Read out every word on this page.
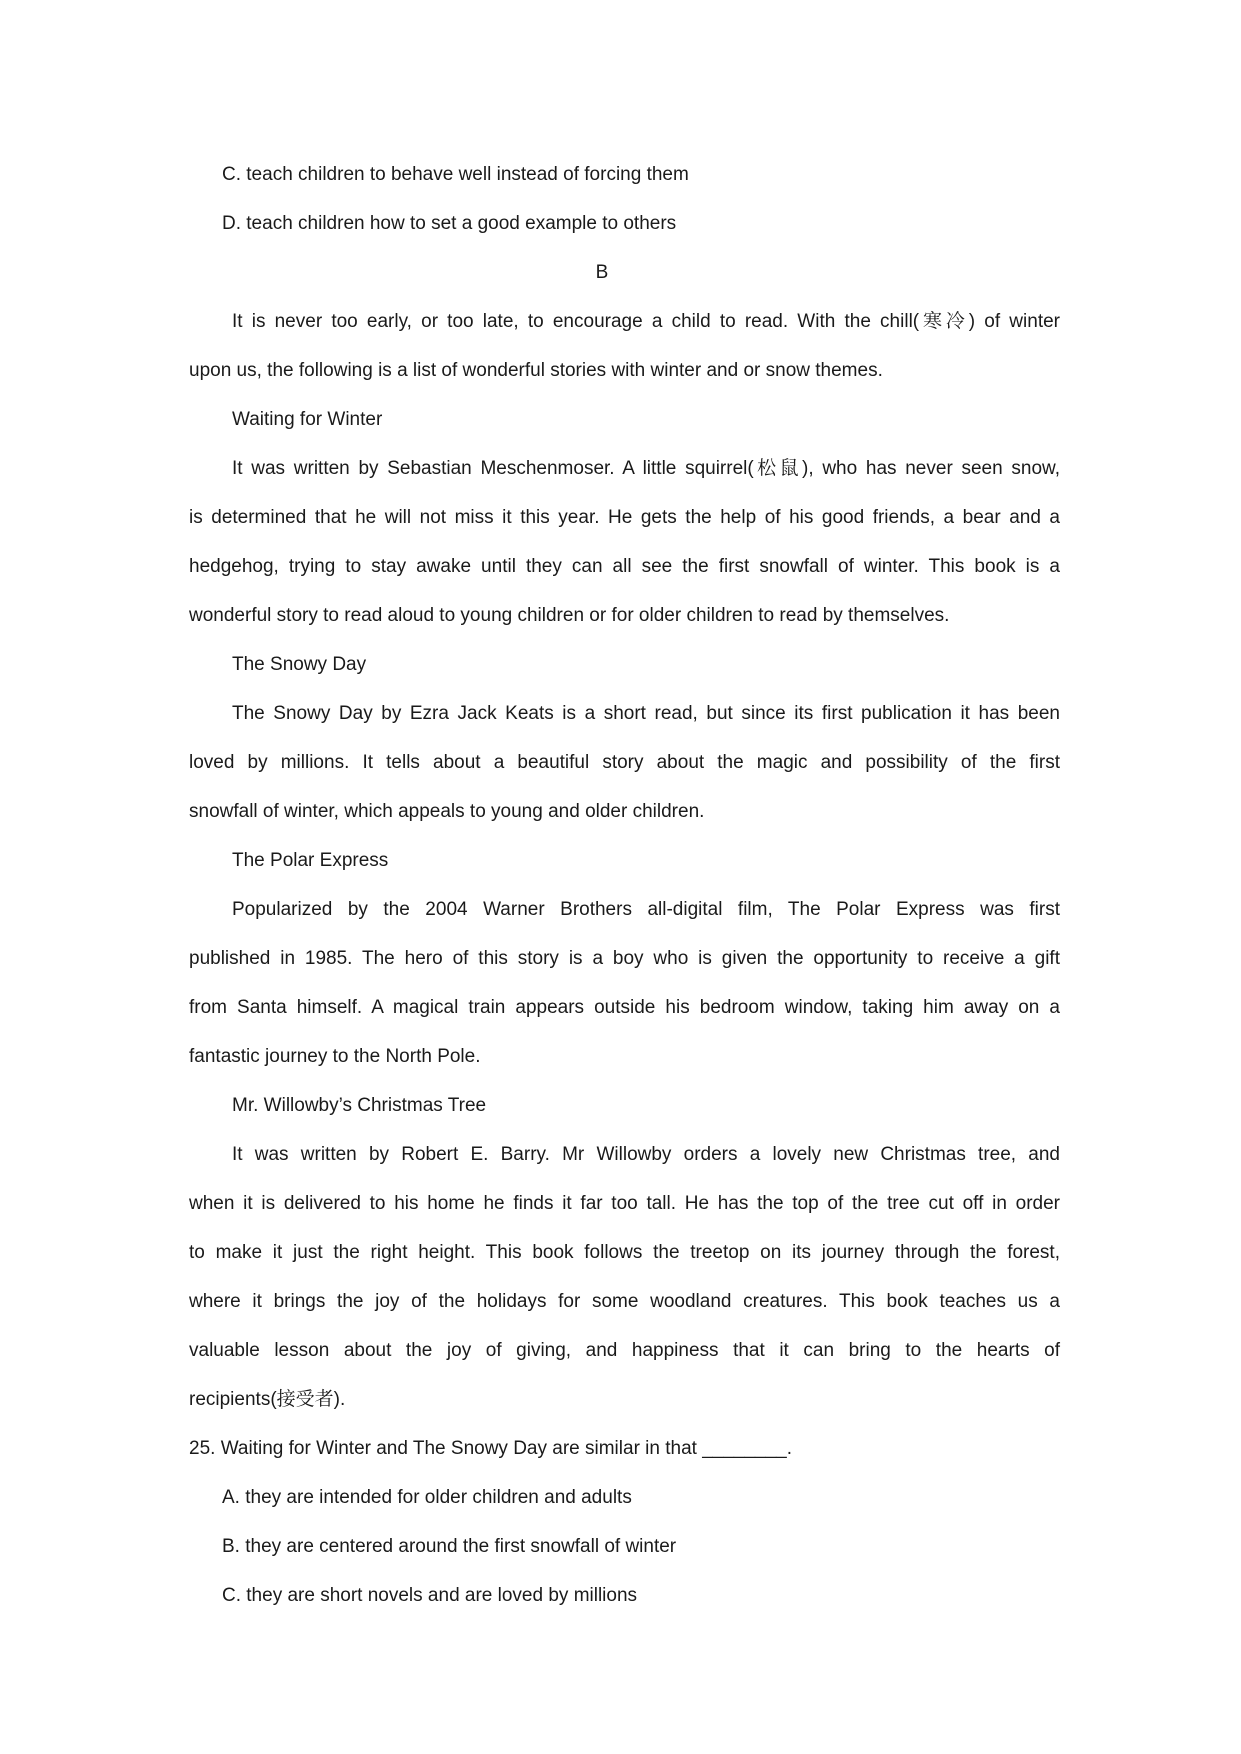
C. teach children to behave well instead of forcing them
D. teach children how to set a good example to others
B
It is never too early, or too late, to encourage a child to read. With the chill(寒冷) of winter
upon us, the following is a list of wonderful stories with winter and or snow themes.
Waiting for Winter
It was written by Sebastian Meschenmoser. A little squirrel(松鼠), who has never seen snow,
is determined that he will not miss it this year. He gets the help of his good friends, a bear and a
hedgehog, trying to stay awake until they can all see the first snowfall of winter. This book is a
wonderful story to read aloud to young children or for older children to read by themselves.
The Snowy Day
The Snowy Day by Ezra Jack Keats is a short read, but since its first publication it has been
loved by millions. It tells about a beautiful story about the magic and possibility of the first
snowfall of winter, which appeals to young and older children.
The Polar Express
Popularized by the 2004 Warner Brothers all-digital film, The Polar Express was first
published in 1985. The hero of this story is a boy who is given the opportunity to receive a gift
from Santa himself. A magical train appears outside his bedroom window, taking him away on a
fantastic journey to the North Pole.
Mr. Willowby’s Christmas Tree
It was written by Robert E. Barry. Mr Willowby orders a lovely new Christmas tree, and
when it is delivered to his home he finds it far too tall. He has the top of the tree cut off in order
to make it just the right height. This book follows the treetop on its journey through the forest,
where it brings the joy of the holidays for some woodland creatures. This book teaches us a
valuable lesson about the joy of giving, and happiness that it can bring to the hearts of
recipients(接受者).
25. Waiting for Winter and The Snowy Day are similar in that ________.
A. they are intended for older children and adults
B. they are centered around the first snowfall of winter
C. they are short novels and are loved by millions
